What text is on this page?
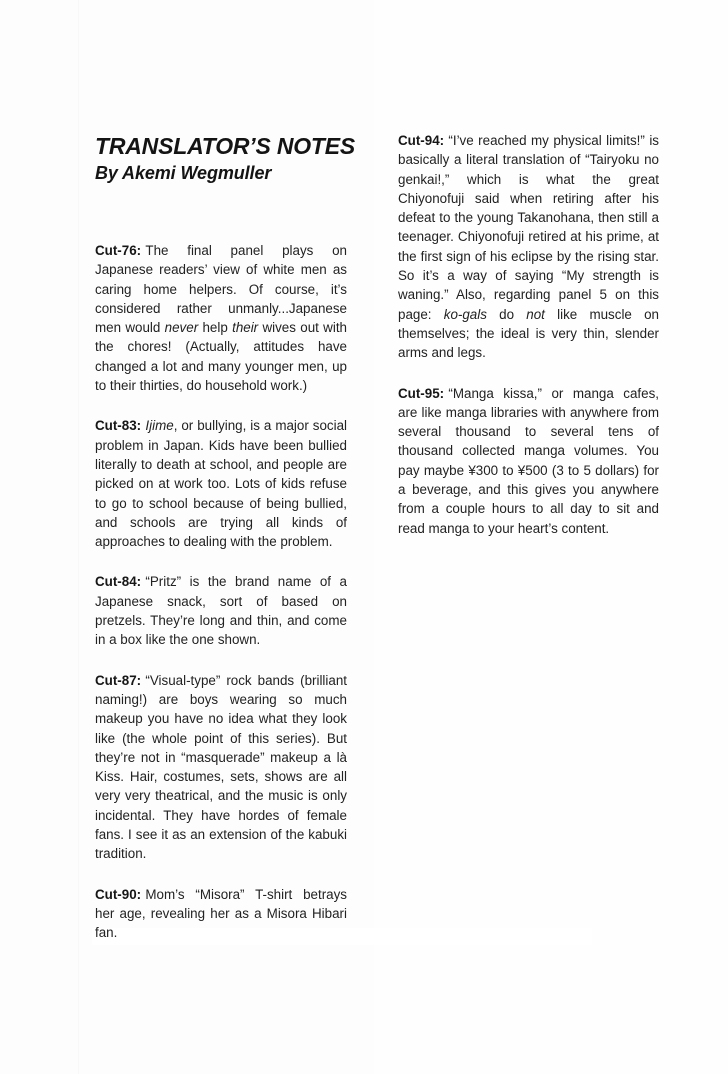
TRANSLATOR’S NOTES
By Akemi Wegmuller

Cut-76: The final panel plays on Japanese readers’ view of white men as caring home helpers. Of course, it’s considered rather unmanly...Japanese men would never help their wives out with the chores! (Actually, attitudes have changed a lot and many younger men, up to their thirties, do household work.)

Cut-83: Ijime, or bullying, is a major social problem in Japan. Kids have been bullied literally to death at school, and people are picked on at work too. Lots of kids refuse to go to school because of being bullied, and schools are trying all kinds of approaches to dealing with the problem.

Cut-84: “Pritz” is the brand name of a Japanese snack, sort of based on pretzels. They’re long and thin, and come in a box like the one shown.

Cut-87: “Visual-type” rock bands (brilliant naming!) are boys wearing so much makeup you have no idea what they look like (the whole point of this series). But they’re not in “masquerade” makeup a là Kiss. Hair, costumes, sets, shows are all very very theatrical, and the music is only incidental. They have hordes of female fans. I see it as an extension of the kabuki tradition.

Cut-90: Mom’s “Misora” T-shirt betrays her age, revealing her as a Misora Hibari fan.

Cut-94: “I’ve reached my physical limits!” is basically a literal translation of “Tairyoku no genkai!,” which is what the great Chiyonofuji said when retiring after his defeat to the young Takanohana, then still a teenager. Chiyonofuji retired at his prime, at the first sign of his eclipse by the rising star. So it’s a way of saying “My strength is waning.” Also, regarding panel 5 on this page: ko-gals do not like muscle on themselves; the ideal is very thin, slender arms and legs.

Cut-95: “Manga kissa,” or manga cafes, are like manga libraries with anywhere from several thousand to several tens of thousand collected manga volumes. You pay maybe ¥300 to ¥500 (3 to 5 dollars) for a beverage, and this gives you anywhere from a couple hours to all day to sit and read manga to your heart’s content.
